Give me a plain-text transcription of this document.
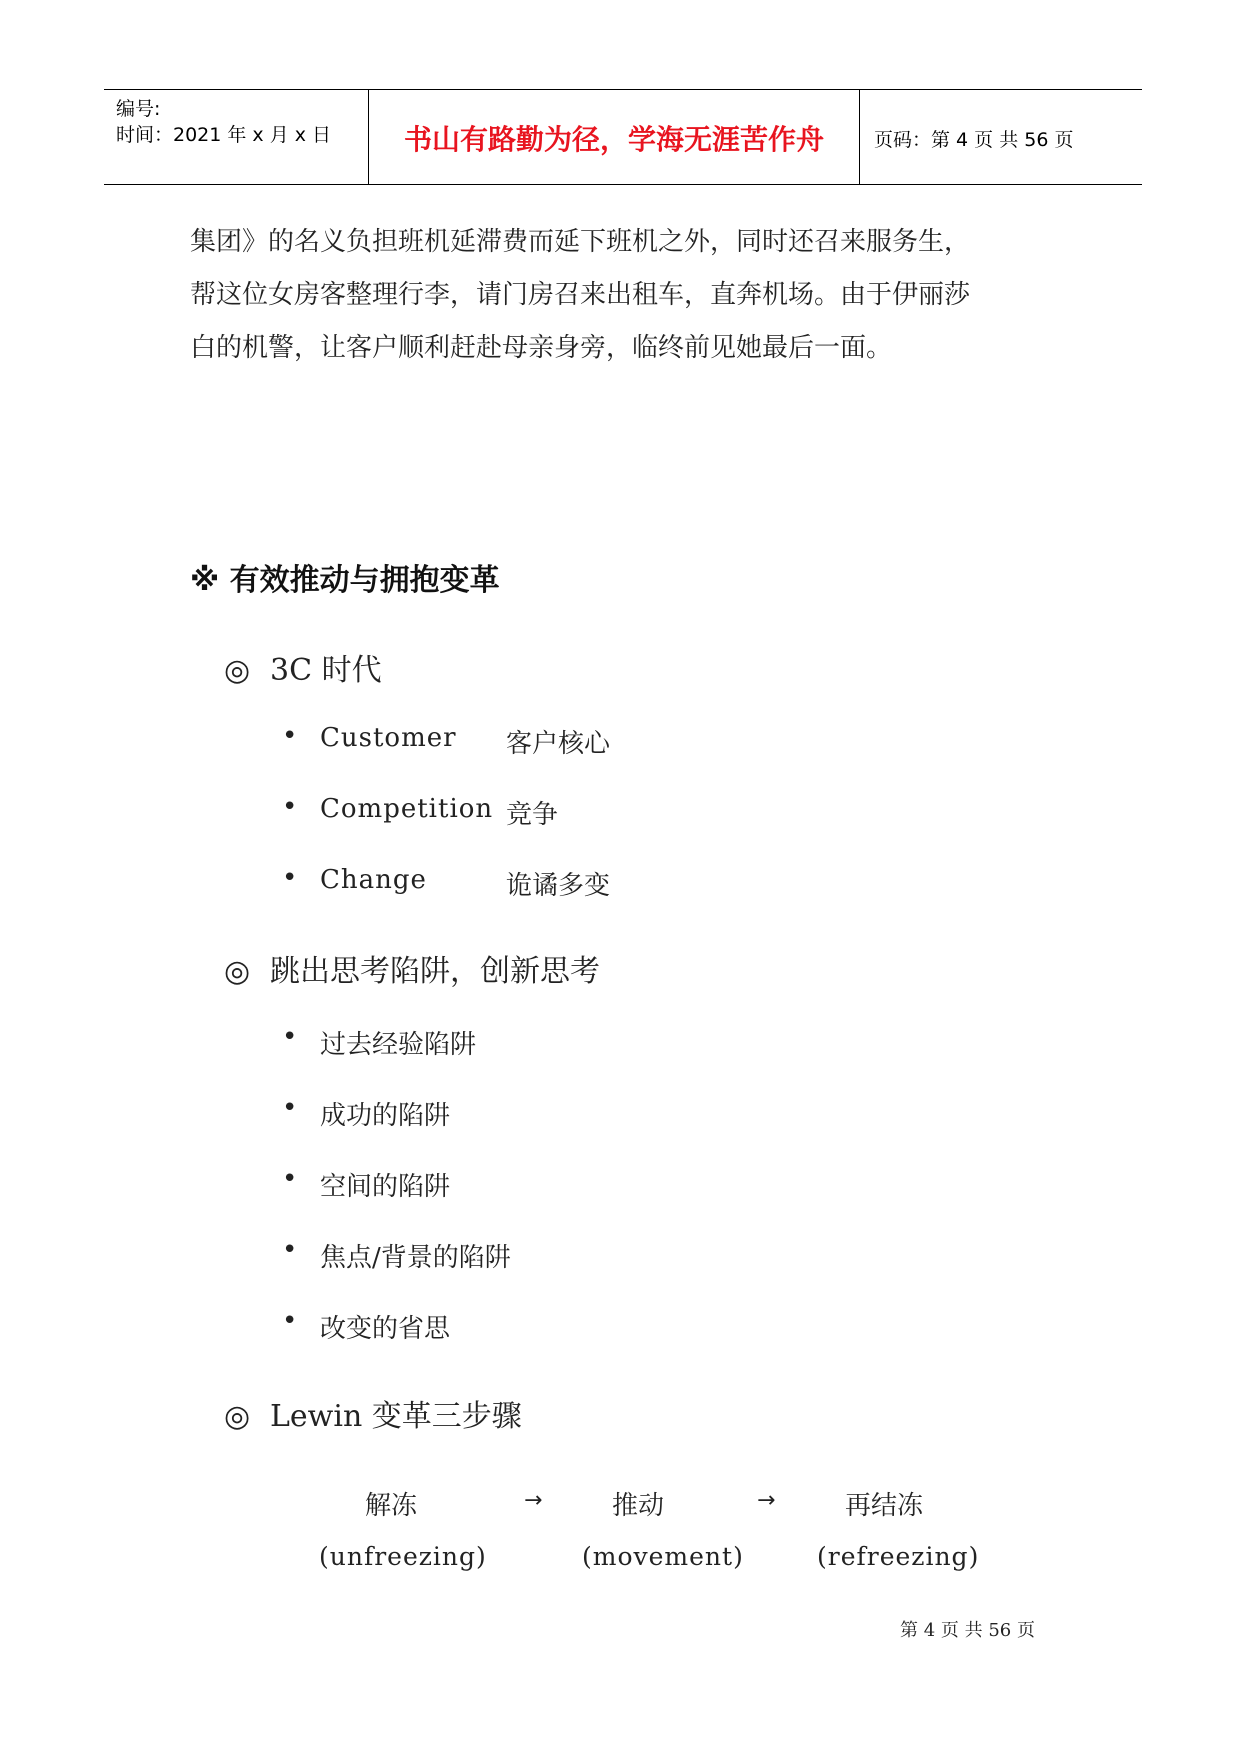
编号:
时间：2021 年 x 月 x 日	书山有路勤为径，学海无涯苦作舟	页码：第 4 页 共 56 页
集团》的名义负担班机延滞费而延下班机之外，同时还召来服务生，
帮这位女房客整理行李，请门房召来出租车，直奔机场。由于伊丽莎
白的机警，让客户顺利赶赴母亲身旁，临终前见她最后一面。
※ 有效推动与拥抱变革
◎ 3C 时代
• Customer 客户核心
• Competition 竞争
• Change	诡谲多变
◎ 跳出思考陷阱，创新思考
• 过去经验陷阱
• 成功的陷阱
• 空间的陷阱
• 焦点/背景的陷阱
• 改变的省思
◎ Lewin 变革三步骤
解冻	→	推动	→	再结冻
(unfreezing)	(movement)	(refreezing)
第 4 页 共 56 页
